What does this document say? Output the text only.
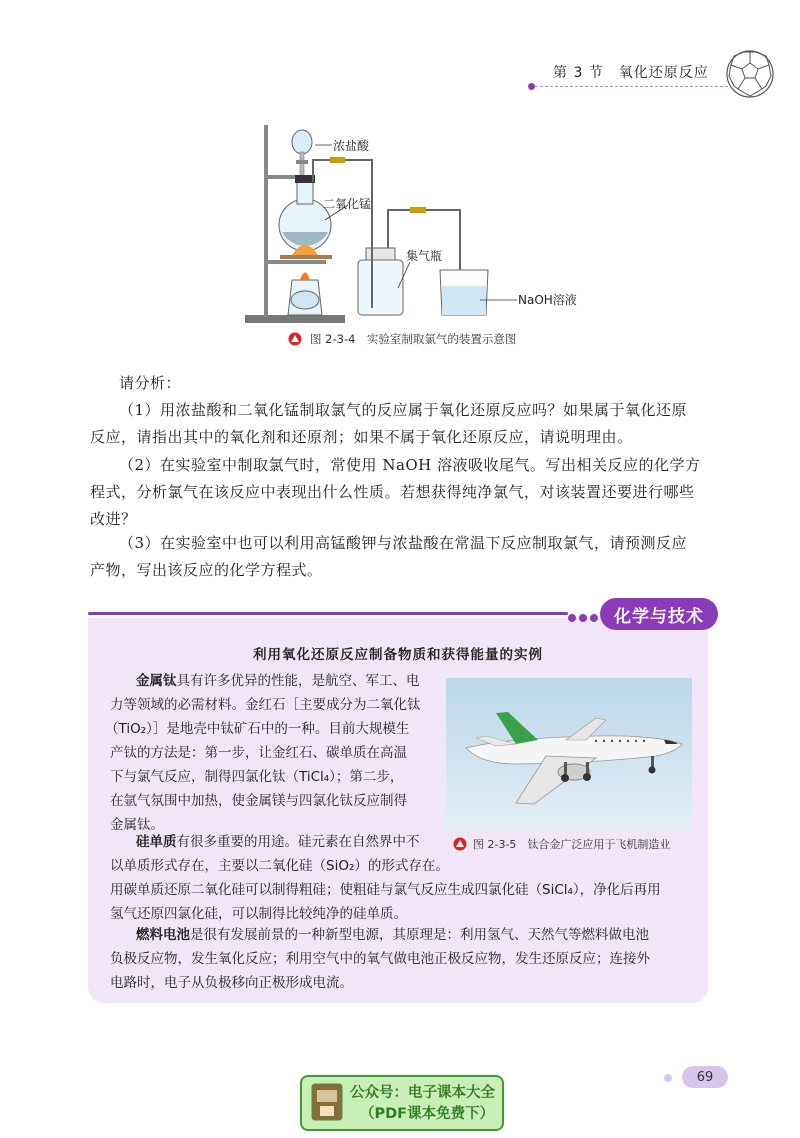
第 3 节　氧化还原反应
浓盐酸
二氧化锰
集气瓶
NaOH溶液
图 2-3-4　实验室制取氯气的装置示意图
请分析：
（1）用浓盐酸和二氧化锰制取氯气的反应属于氧化还原反应吗？如果属于氧化还原
反应，请指出其中的氧化剂和还原剂；如果不属于氧化还原反应，请说明理由。
（2）在实验室中制取氯气时，常使用 NaOH 溶液吸收尾气。写出相关反应的化学方
程式，分析氯气在该反应中表现出什么性质。若想获得纯净氯气，对该装置还要进行哪些
改进？
（3）在实验室中也可以利用高锰酸钾与浓盐酸在常温下反应制取氯气，请预测反应
产物，写出该反应的化学方程式。
化学与技术
利用氧化还原反应制备物质和获得能量的实例
金属钛具有许多优异的性能，是航空、军工、电
力等领域的必需材料。金红石［主要成分为二氧化钛
（TiO₂）］是地壳中钛矿石中的一种。目前大规模生
产钛的方法是：第一步，让金红石、碳单质在高温
下与氯气反应，制得四氯化钛（TiCl₄）；第二步，
在氩气氛围中加热，使金属镁与四氯化钛反应制得
金属钛。
硅单质有很多重要的用途。硅元素在自然界中不
以单质形式存在，主要以二氧化硅（SiO₂）的形式存在。
用碳单质还原二氧化硅可以制得粗硅；使粗硅与氯气反应生成四氯化硅（SiCl₄），净化后再用
氢气还原四氯化硅，可以制得比较纯净的硅单质。
燃料电池是很有发展前景的一种新型电源，其原理是：利用氢气、天然气等燃料做电池
负极反应物，发生氧化反应；利用空气中的氧气做电池正极反应物，发生还原反应；连接外
电路时，电子从负极移向正极形成电流。
图 2-3-5　钛合金广泛应用于飞机制造业
69
公众号：电子课本大全
（PDF课本免费下）
